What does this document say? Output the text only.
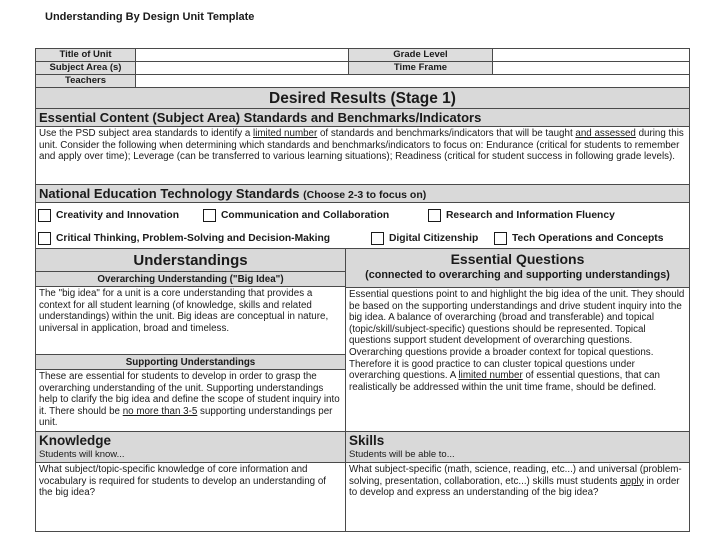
Understanding By Design Unit Template
Title of Unit	Grade Level
Subject Area (s)	Time Frame
Teachers
Desired Results (Stage 1)
Essential Content (Subject Area) Standards and Benchmarks/Indicators
Use the PSD subject area standards to identify a limited number of standards and benchmarks/indicators that will be taught and assessed during this unit. Consider the following when determining which standards and benchmarks/indicators to focus on: Endurance (critical for students to remember and apply over time); Leverage (can be transferred to various learning situations); Readiness (critical for student success in following grade levels).
National Education Technology Standards (Choose 2-3 to focus on)
Creativity and Innovation	Communication and Collaboration	Research and Information Fluency
Critical Thinking, Problem-Solving and Decision-Making	Digital Citizenship	Tech Operations and Concepts
Understandings
Overarching Understanding ("Big Idea")
The "big idea" for a unit is a core understanding that provides a context for all student learning (of knowledge, skills and related understandings) within the unit. Big ideas are conceptual in nature, universal in application, broad and timeless.
Supporting Understandings
These are essential for students to develop in order to grasp the overarching understanding of the unit. Supporting understandings help to clarify the big idea and define the scope of student inquiry into it. There should be no more than 3-5 supporting understandings per unit.
Essential Questions
(connected to overarching and supporting understandings)
Essential questions point to and highlight the big idea of the unit. They should be based on the supporting understandings and drive student inquiry into the big idea. A balance of overarching (broad and transferable) and topical (topic/skill/subject-specific) questions should be represented. Topical questions support student development of overarching questions. Overarching questions provide a broader context for topical questions. Therefore it is good practice to can cluster topical questions under overarching questions. A limited number of essential questions, that can realistically be addressed within the unit time frame, should be defined.
Knowledge
Students will know...
What subject/topic-specific knowledge of core information and vocabulary is required for students to develop an understanding of the big idea?
Skills
Students will be able to...
What subject-specific (math, science, reading, etc...) and universal (problem-solving, presentation, collaboration, etc...) skills must students apply in order to develop and express an understanding of the big idea?
